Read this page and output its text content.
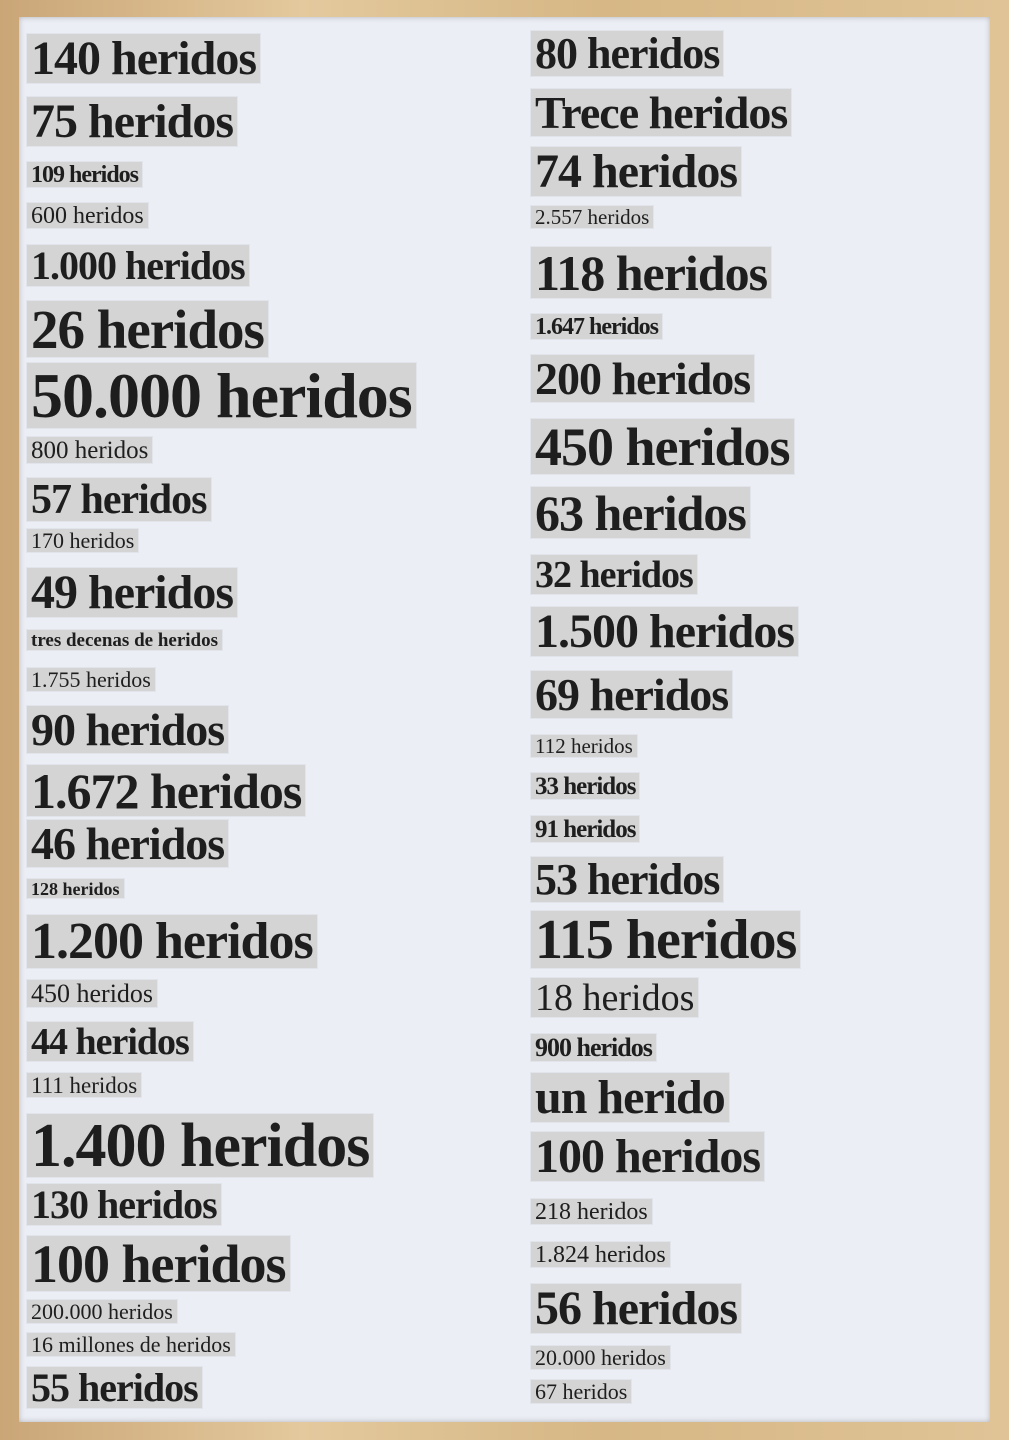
140 heridos
75 heridos
109 heridos
600 heridos
1.000 heridos
26 heridos
50.000 heridos
800 heridos
57 heridos
170 heridos
49 heridos
tres decenas de heridos
1.755 heridos
90 heridos
1.672 heridos
46 heridos
128 heridos
1.200 heridos
450 heridos
44 heridos
111 heridos
1.400 heridos
130 heridos
100 heridos
200.000 heridos
16 millones de heridos
55 heridos
80 heridos
Trece heridos
74 heridos
2.557 heridos
118 heridos
1.647 heridos
200 heridos
450 heridos
63 heridos
32 heridos
1.500 heridos
69 heridos
112 heridos
33 heridos
91 heridos
53 heridos
115 heridos
18 heridos
900 heridos
un herido
100 heridos
218 heridos
1.824 heridos
56 heridos
20.000 heridos
67 heridos
